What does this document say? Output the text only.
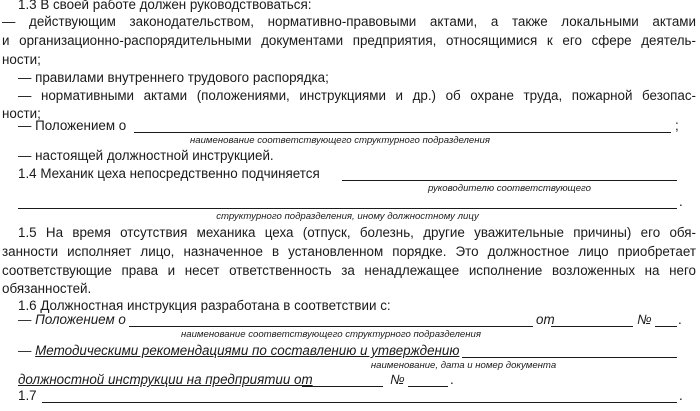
1.3 В своей работе должен руководствоваться:
— действующим законодательством, нормативно-правовыми актами, а также локальными актами
и организационно-распорядительными документами предприятия, относящимися к его сфере деятель-
ности;
— правилами внутреннего трудового распорядка;
— нормативными актами (положениями, инструкциями и др.) об охране труда, пожарной безопас-
ности;
— Положением о	;
наименование соответствующего структурного подразделения
— настоящей должностной инструкцией.
1.4 Механик цеха непосредственно подчиняется
руководителю соответствующего
.
структурного подразделения, иному должностному лицу
1.5 На время отсутствия механика цеха (отпуск, болезнь, другие уважительные причины) его обя-
занности исполняет лицо, назначенное в установленном порядке. Это должностное лицо приобретает
соответствующие права и несет ответственность за ненадлежащее исполнение возложенных на него
обязанностей.
1.6 Должностная инструкция разработана в соответствии с:
— Положением о	от	№ .
наименование соответствующего структурного подразделения
— Методическими рекомендациями по составлению и утверждению
наименование, дата и номер документа
должностной инструкции на предприятии от	№	.
1.7	.
